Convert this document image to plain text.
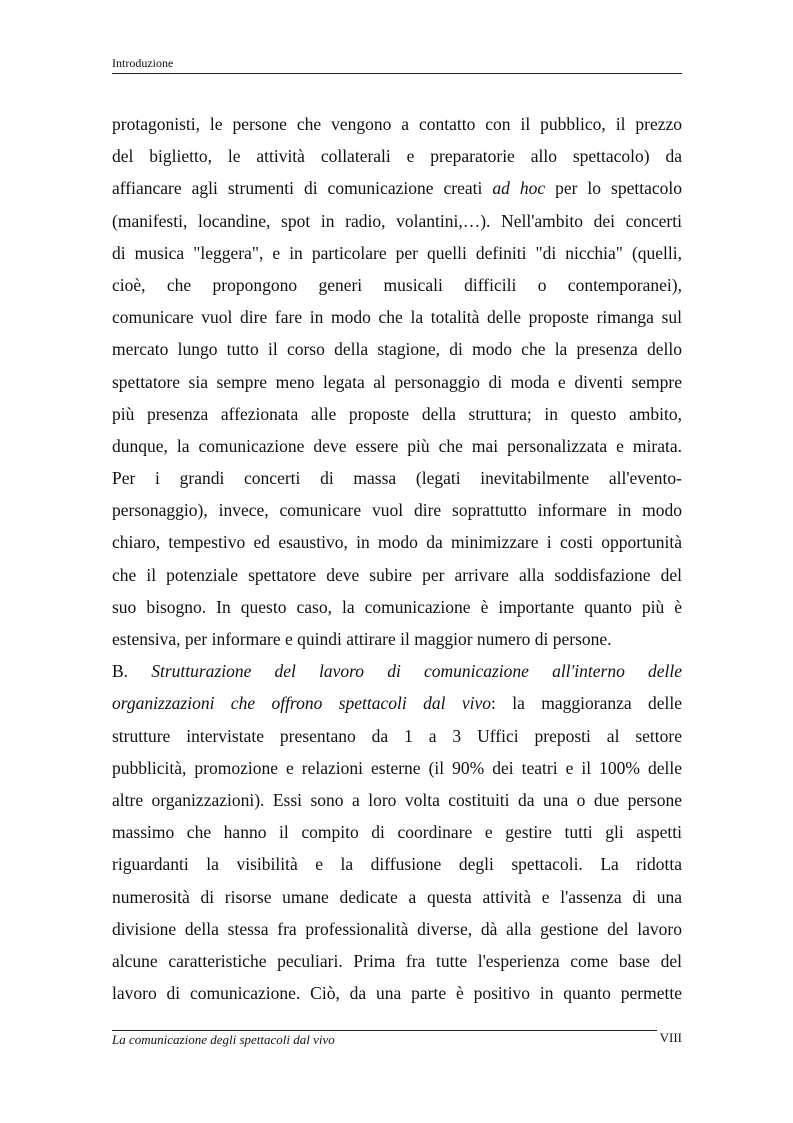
Introduzione
protagonisti, le persone che vengono a contatto con il pubblico, il prezzo
del biglietto, le attività collaterali e preparatorie allo spettacolo) da
affiancare agli strumenti di comunicazione creati ad hoc per lo spettacolo
(manifesti, locandine, spot in radio, volantini,…). Nell'ambito dei concerti
di musica "leggera", e in particolare per quelli definiti "di nicchia" (quelli,
cioè, che propongono generi musicali difficili o contemporanei),
comunicare vuol dire fare in modo che la totalità delle proposte rimanga sul
mercato lungo tutto il corso della stagione, di modo che la presenza dello
spettatore sia sempre meno legata al personaggio di moda e diventi sempre
più presenza affezionata alle proposte della struttura; in questo ambito,
dunque, la comunicazione deve essere più che mai personalizzata e mirata.
Per i grandi concerti di massa (legati inevitabilmente all'evento-
personaggio), invece, comunicare vuol dire soprattutto informare in modo
chiaro, tempestivo ed esaustivo, in modo da minimizzare i costi opportunità
che il potenziale spettatore deve subire per arrivare alla soddisfazione del
suo bisogno. In questo caso, la comunicazione è importante quanto più è
estensiva, per informare e quindi attirare il maggior numero di persone.
B. Strutturazione del lavoro di comunicazione all'interno delle
organizzazioni che offrono spettacoli dal vivo: la maggioranza delle
strutture intervistate presentano da 1 a 3 Uffici preposti al settore
pubblicità, promozione e relazioni esterne (il 90% dei teatri e il 100% delle
altre organizzazioni). Essi sono a loro volta costituiti da una o due persone
massimo che hanno il compito di coordinare e gestire tutti gli aspetti
riguardanti la visibilità e la diffusione degli spettacoli. La ridotta
numerosità di risorse umane dedicate a questa attività e l'assenza di una
divisione della stessa fra professionalità diverse, dà alla gestione del lavoro
alcune caratteristiche peculiari. Prima fra tutte l'esperienza come base del
lavoro di comunicazione. Ciò, da una parte è positivo in quanto permette
La comunicazione degli spettacoli dal vivo	VIII
